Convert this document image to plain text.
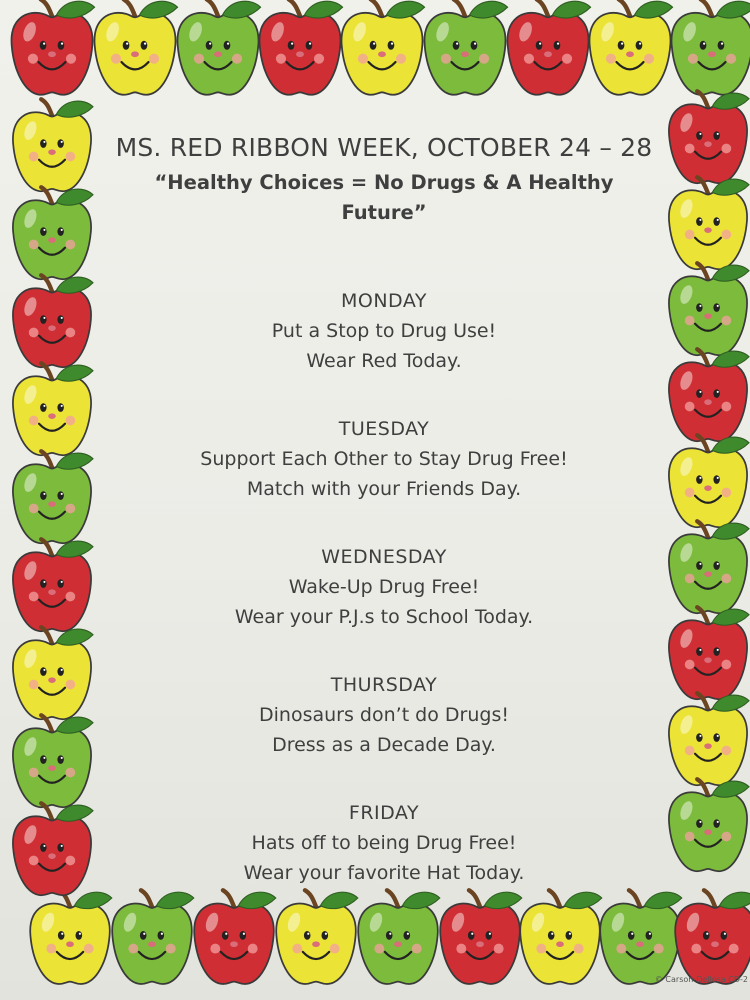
MS. RED RIBBON WEEK, OCTOBER 24 – 28

“Healthy Choices = No Drugs & A Healthy Future”

MONDAY
Put a Stop to Drug Use!
Wear Red Today.
TUESDAY
Support Each Other to Stay Drug Free!
Match with your Friends Day.
WEDNESDAY
Wake-Up Drug Free!
Wear your P.J.s to School Today.
THURSDAY
Dinosaurs don’t do Drugs!
Dress as a Decade Day.
FRIDAY
Hats off to being Drug Free!
Wear your favorite Hat Today.
© Carson-Dellosa CD-2
